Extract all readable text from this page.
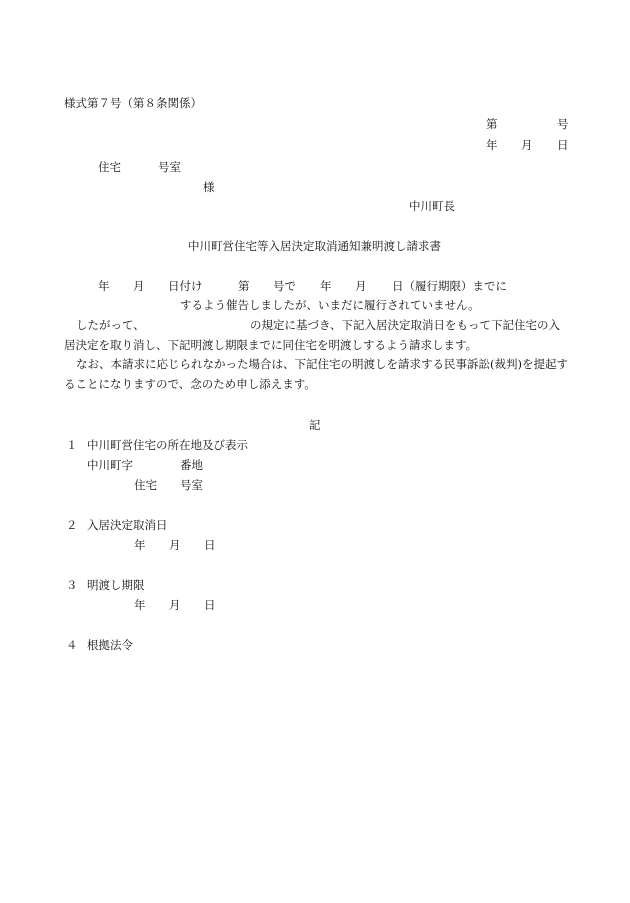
様式第７号（第８条関係）
第	号
年 月 日
住宅	号室
様
中川町長
中川町営住宅等入居決定取消通知兼明渡し請求書
年 月 日付け	第 号で 年 月 日（履行期限）までに
するよう催告しましたが、いまだに履行されていません。
したがって、	の規定に基づき、下記入居決定取消日をもって下記住宅の入
居決定を取り消し、下記明渡し期限までに同住宅を明渡しするよう請求します。
なお、本請求に応じられなかった場合は、下記住宅の明渡しを請求する民事訴訟(裁判)を提起す
ることになりますので、念のため申し添えます。
記
１ 中川町営住宅の所在地及び表示
中川町字	番地
住宅 号室
２ 入居決定取消日
年 月 日
３ 明渡し期限
年 月 日
４ 根拠法令
